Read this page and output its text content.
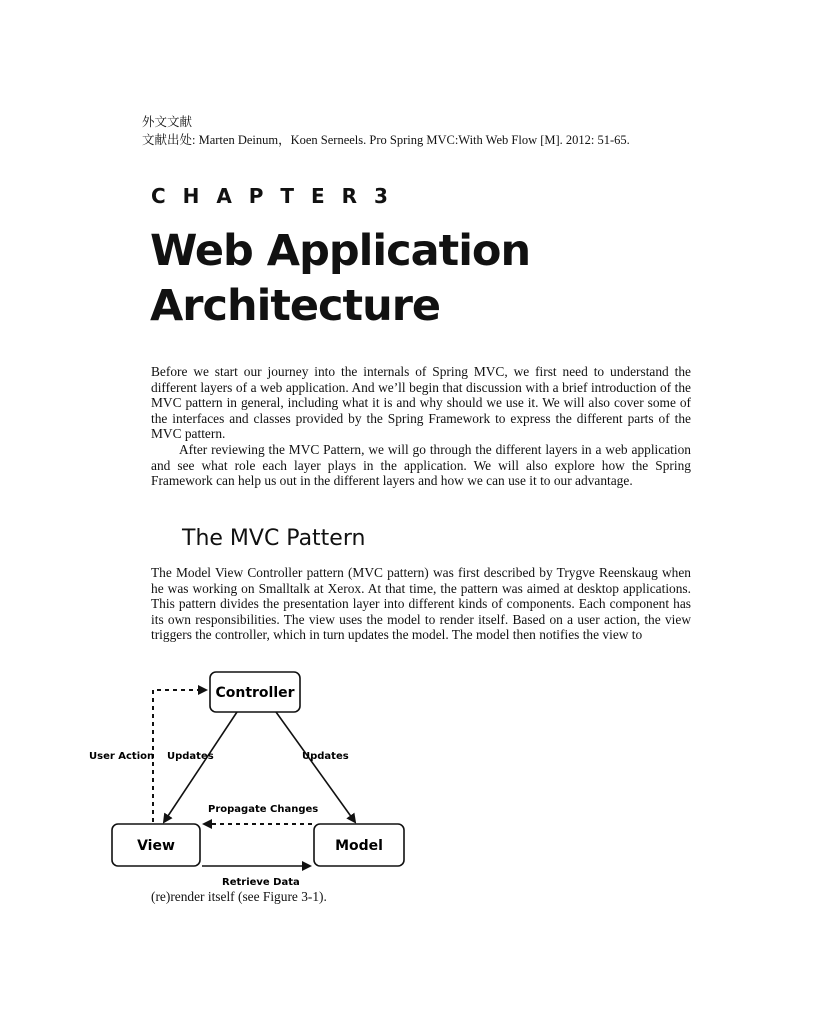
外文文献
文献出处: Marten Deinum，Koen Serneels. Pro Spring MVC:With Web Flow [M]. 2012: 51-65.
C H A P T E R 3
Web Application
Architecture

Before we start our journey into the internals of Spring MVC, we first need to understand the different layers of a web application. And we’ll begin that discussion with a brief introduction of the MVC pattern in general, including what it is and why should we use it. We will also cover some of the interfaces and classes provided by the Spring Framework to express the different parts of the MVC pattern.

After reviewing the MVC Pattern, we will go through the different layers in a web application and see what role each layer plays in the application. We will also explore how the Spring Framework can help us out in the different layers and how we can use it to our advantage.

The MVC Pattern

The Model View Controller pattern (MVC pattern) was first described by Trygve Reenskaug when he was working on Smalltalk at Xerox. At that time, the pattern was aimed at desktop applications. This pattern divides the presentation layer into different kinds of components. Each component has its own responsibilities. The view uses the model to render itself. Based on a user action, the view triggers the controller, which in turn updates the model. The model then notifies the view to

Controller
View	Model
User Action Updates	Updates
Propagate Changes
Retrieve Data
(re)render itself (see Figure 3-1).
